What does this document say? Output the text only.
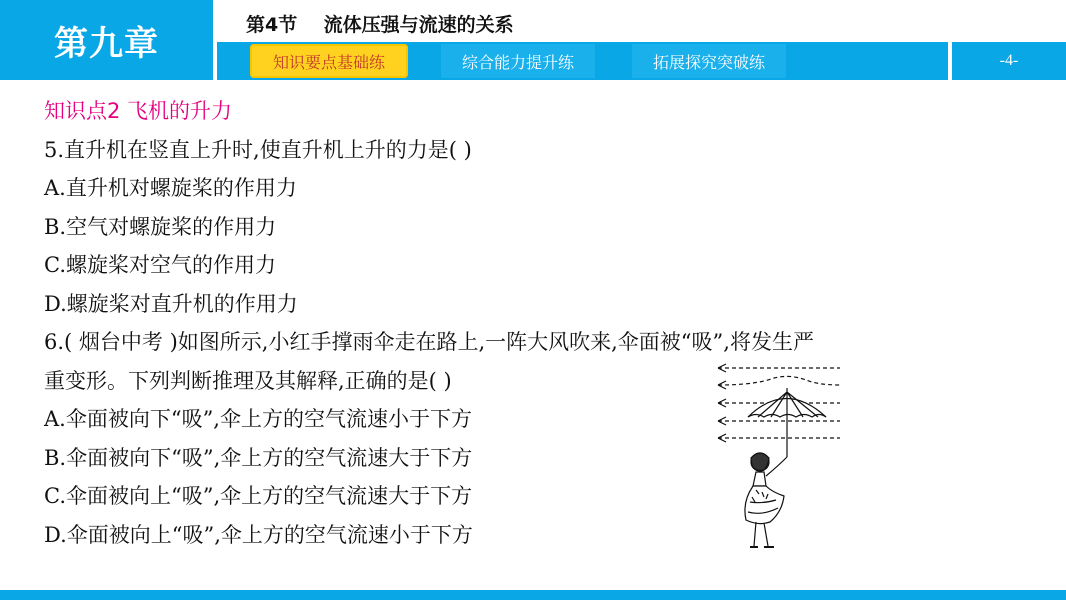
第九章	第4节    流体压强与流速的关系
知识要点基础练	综合能力提升练	拓展探究突破练	-4-
知识点2 飞机的升力
5.直升机在竖直上升时,使直升机上升的力是( )
A.直升机对螺旋桨的作用力
B.空气对螺旋桨的作用力
C.螺旋桨对空气的作用力
D.螺旋桨对直升机的作用力
6.( 烟台中考 )如图所示,小红手撑雨伞走在路上,一阵大风吹来,伞面被“吸”,将发生严
重变形。下列判断推理及其解释,正确的是( )
A.伞面被向下“吸”,伞上方的空气流速小于下方
B.伞面被向下“吸”,伞上方的空气流速大于下方
C.伞面被向上“吸”,伞上方的空气流速大于下方
D.伞面被向上“吸”,伞上方的空气流速小于下方
